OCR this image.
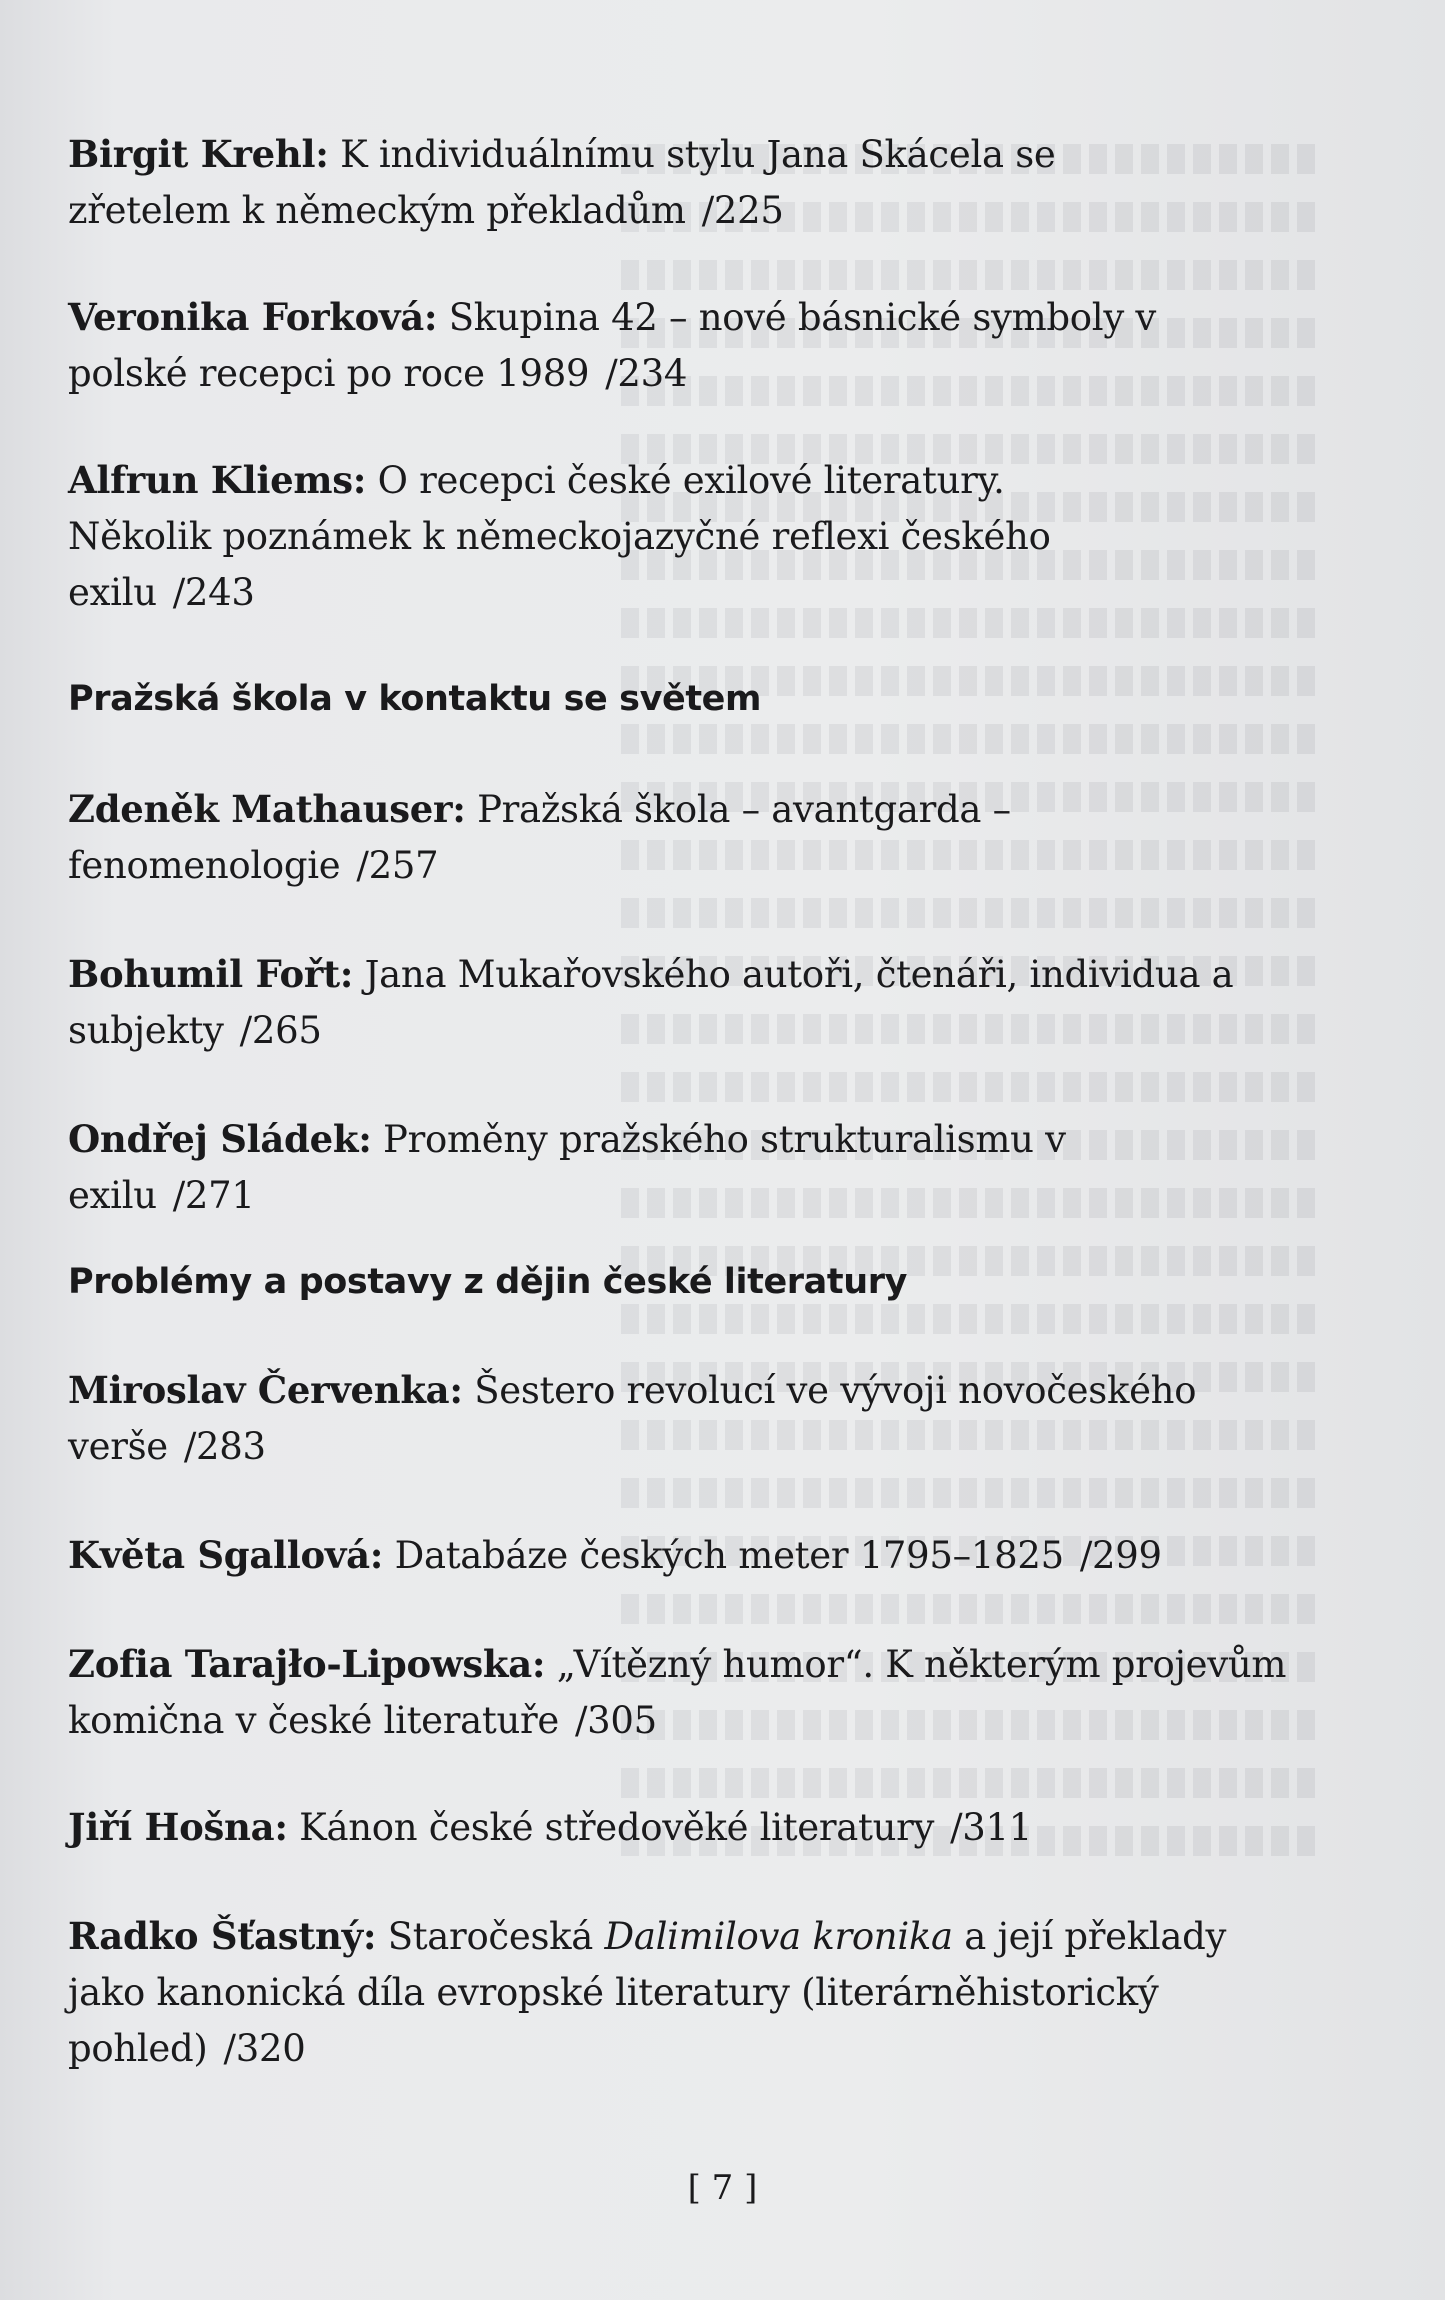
Birgit Krehl: K individuálnímu stylu Jana Skácela se zřetelem k německým překladům /225

Veronika Forková: Skupina 42 – nové básnické symboly v polské recepci po roce 1989 /234

Alfrun Kliems: O recepci české exilové literatury. Několik poznámek k německojazyčné reflexi českého exilu /243

Pražská škola v kontaktu se světem

Zdeněk Mathauser: Pražská škola – avantgarda – fenomenologie /257

Bohumil Fořt: Jana Mukařovského autoři, čtenáři, individua a subjekty /265

Ondřej Sládek: Proměny pražského strukturalismu v exilu /271

Problémy a postavy z dějin české literatury

Miroslav Červenka: Šestero revolucí ve vývoji novočeského verše /283

Květa Sgallová: Databáze českých meter 1795–1825 /299

Zofia Tarajło-Lipowska: „Vítězný humor“. K některým projevům komična v české literatuře /305

Jiří Hošna: Kánon české středověké literatury /311

Radko Šťastný: Staročeská Dalimilova kronika a její překlady jako kanonická díla evropské literatury (literárněhistorický pohled) /320

[ 7 ]
